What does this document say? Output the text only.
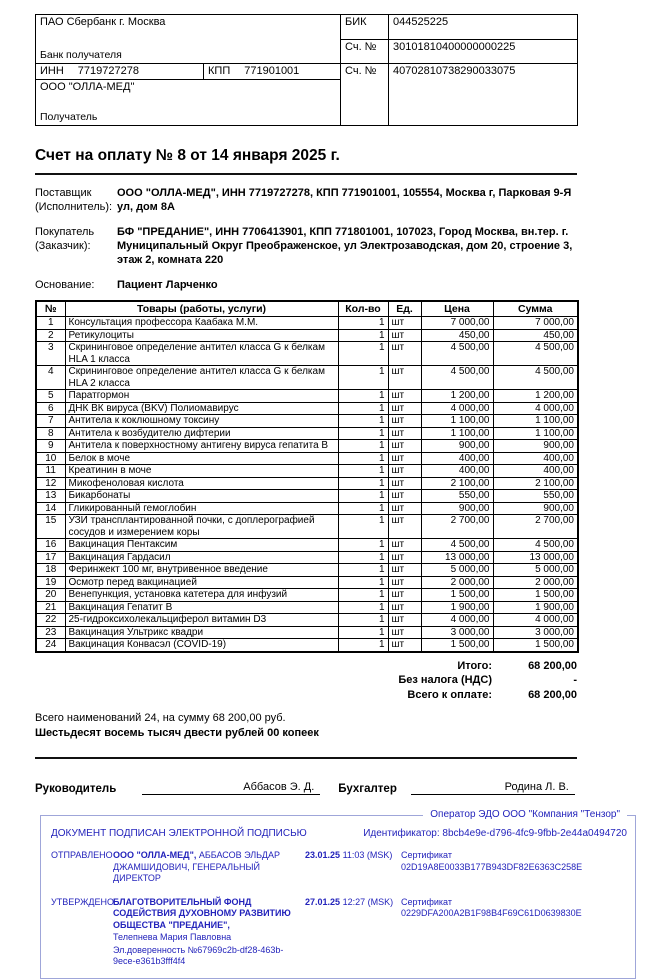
ПАО Сбербанк г. Москва
Банк получателя		БИК	044525225
		Сч. №	30101810400000000225
ИНН 7719727278	КПП 771901001	Сч. №	40702810738290033075

ООО "ОЛЛА-МЕД"
Получатель			
Счет на оплату № 8 от 14 января 2025 г.
Поставщик
(Исполнитель):
ООО "ОЛЛА-МЕД", ИНН 7719727278, КПП 771901001, 105554, Москва г, Парковая 9-Я ул, дом 8А
Покупатель
(Заказчик):
БФ "ПРЕДАНИЕ", ИНН 7706413901, КПП 771801001, 107023, Город Москва, вн.тер. г. Муниципальный Округ Преображенское, ул Электрозаводская, дом 20, строение 3, этаж 2, комната 220
Основание:	Пациент Ларченко
№	Товары (работы, услуги)	Кол-во	Ед.	Цена	Сумма
1	Консультация профессора Каабака М.М.	1	шт	7 000,00	7 000,00
2	Ретикулоциты	1	шт	450,00	450,00
3	Скрининговое определение антител класса G к белкам HLA 1 класса	1	шт	4 500,00	4 500,00
4	Скрининговое определение антител класса G к белкам HLA 2 класса	1	шт	4 500,00	4 500,00
5	Паратгормон	1	шт	1 200,00	1 200,00
6	ДНК ВК вируса (BKV) Полиомавирус	1	шт	4 000,00	4 000,00
7	Антитела к коклюшному токсину	1	шт	1 100,00	1 100,00
8	Антитела к возбудителю дифтерии	1	шт	1 100,00	1 100,00
9	Антитела к поверхностному антигену вируса гепатита В	1	шт	900,00	900,00
10	Белок в моче	1	шт	400,00	400,00
11	Креатинин в моче	1	шт	400,00	400,00
12	Микофеноловая кислота	1	шт	2 100,00	2 100,00
13	Бикарбонаты	1	шт	550,00	550,00
14	Гликированный гемоглобин	1	шт	900,00	900,00
15	УЗИ трансплантированной почки, с доплерографией сосудов и измерением коры	1	шт	2 700,00	2 700,00
16	Вакцинация Пентаксим	1	шт	4 500,00	4 500,00
17	Вакцинация Гардасил	1	шт	13 000,00	13 000,00
18	Феринжект 100 мг, внутривенное введение	1	шт	5 000,00	5 000,00
19	Осмотр перед вакцинацией	1	шт	2 000,00	2 000,00
20	Венепункция, установка катетера для инфузий	1	шт	1 500,00	1 500,00
21	Вакцинация Гепатит В	1	шт	1 900,00	1 900,00
22	25-гидроксихолекальциферол витамин D3	1	шт	4 000,00	4 000,00
23	Вакцинация Ультрикс квадри	1	шт	3 000,00	3 000,00
24	Вакцинация Конвасэл (COVID-19)	1	шт	1 500,00	1 500,00
Итого:	68 200,00
Без налога (НДС)	-
Всего к оплате:	68 200,00
Всего наименований 24, на сумму 68 200,00 руб.
Шестьдесят восемь тысяч двести рублей 00 копеек
Руководитель	Аббасов Э. Д.	Бухгалтер	Родина Л. В.
Оператор ЭДО ООО "Компания "Тензор"
ДОКУМЕНТ ПОДПИСАН ЭЛЕКТРОННОЙ ПОДПИСЬЮ	Идентификатор: 8bcb4e9e-d796-4fc9-9fbb-2e44a0494720
ОТПРАВЛЕНО ООО "ОЛЛА-МЕД", АББАСОВ ЭЛЬДАР ДЖАМШИДОВИЧ, ГЕНЕРАЛЬНЫЙ ДИРЕКТОР
23.01.25 11:03 (MSK) Сертификат 02D19A8E0033B177B943DF82E6363C258E
УТВЕРЖДЕНО
БЛАГОТВОРИТЕЛЬНЫЙ ФОНД СОДЕЙСТВИЯ ДУХОВНОМУ РАЗВИТИЮ ОБЩЕСТВА "ПРЕДАНИЕ",
Телепнева Мария Павловна
Эл.доверенность №67969c2b-df28-463b-9ece-e361b3fff4f4
27.01.25 12:27 (MSK) Сертификат 0229DFA200A2B1F98B4F69C61D0639830E
